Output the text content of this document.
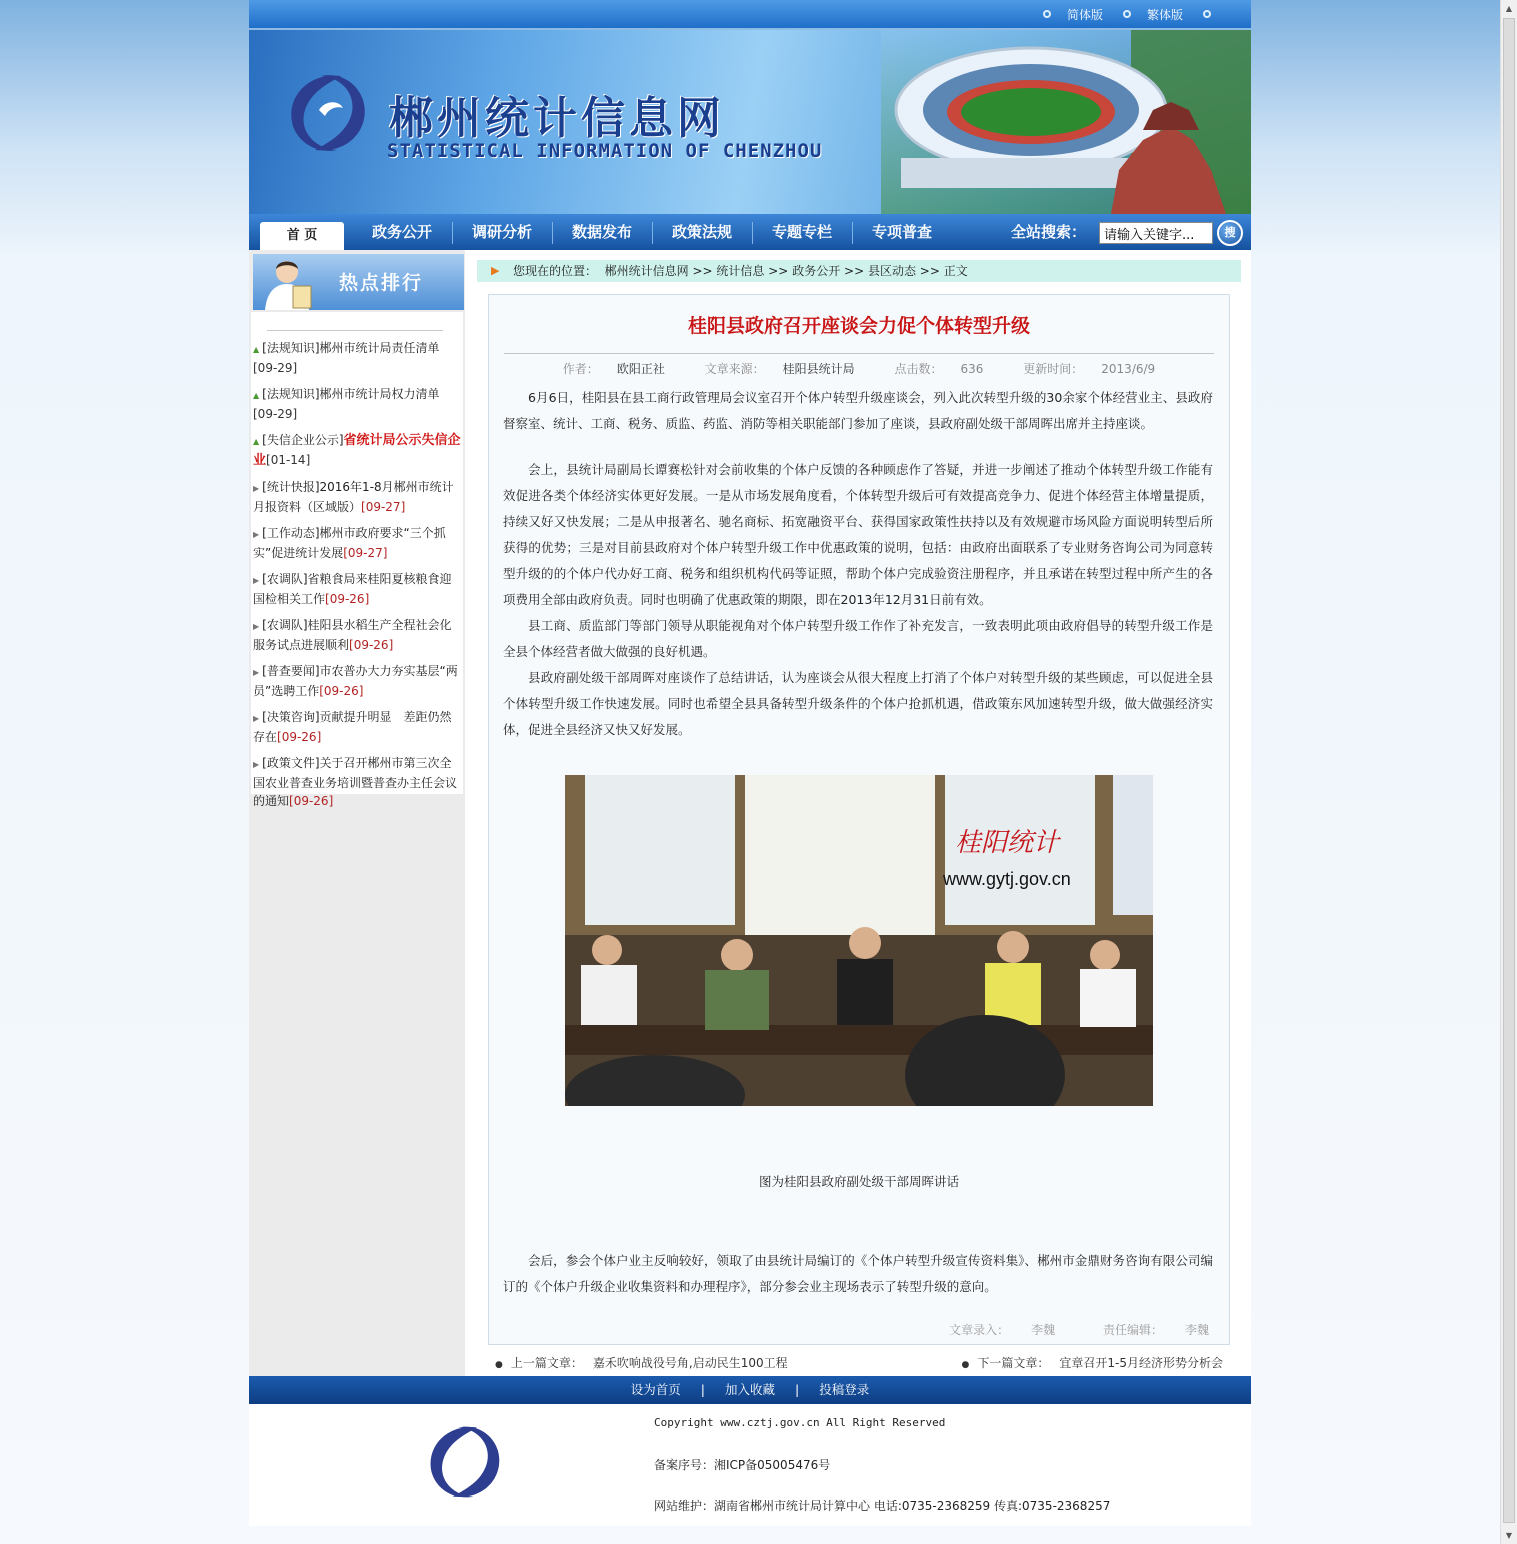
▲
▼
简体版	繁体版
郴州统计信息网
STATISTICAL INFORMATION OF CHENZHOU
首 页	政务公开	调研分析	数据发布	政策法规	专题专栏	专项普查	全站搜索：
请输入关键字...	搜
热点排行
▲ [法规知识]郴州市统计局责任清单
[09-29]
▲ [法规知识]郴州市统计局权力清单
[09-29]
▲ [失信企业公示]省统计局公示失信企业[01-14]
▶ [统计快报]2016年1-8月郴州市统计月报资料（区域版）[09-27]
▶ [工作动态]郴州市政府要求“三个抓实”促进统计发展[09-27]
▶ [农调队]省粮食局来桂阳夏核粮食迎国检相关工作[09-26]
▶ [农调队]桂阳县水稻生产全程社会化服务试点进展顺利[09-26]
▶ [普查要闻]市农普办大力夯实基层“两员”选聘工作[09-26]
▶ [决策咨询]贡献提升明显　差距仍然存在[09-26]
▶ [政策文件]关于召开郴州市第三次全国农业普查业务培训暨普查办主任会议的通知[09-26]
▶ 您现在的位置： 郴州统计信息网 >> 统计信息 >> 政务公开 >> 县区动态 >> 正文
桂阳县政府召开座谈会力促个体转型升级
作者： 欧阳正社	文章来源： 桂阳县统计局	点击数： 636	更新时间： 2013/6/9

6月6日，桂阳县在县工商行政管理局会议室召开个体户转型升级座谈会，列入此次转型升级的30余家个体经营业主、县政府督察室、统计、工商、税务、质监、药监、消防等相关职能部门参加了座谈，县政府副处级干部周晖出席并主持座谈。

会上，县统计局副局长谭赛松针对会前收集的个体户反馈的各种顾虑作了答疑，并进一步阐述了推动个体转型升级工作能有效促进各类个体经济实体更好发展。一是从市场发展角度看，个体转型升级后可有效提高竞争力、促进个体经营主体增量提质，持续又好又快发展；二是从申报著名、驰名商标、拓宽融资平台、获得国家政策性扶持以及有效规避市场风险方面说明转型后所获得的优势；三是对目前县政府对个体户转型升级工作中优惠政策的说明，包括：由政府出面联系了专业财务咨询公司为同意转型升级的的个体户代办好工商、税务和组织机构代码等证照，帮助个体户完成验资注册程序，并且承诺在转型过程中所产生的各项费用全部由政府负责。同时也明确了优惠政策的期限，即在2013年12月31日前有效。

县工商、质监部门等部门领导从职能视角对个体户转型升级工作作了补充发言，一致表明此项由政府倡导的转型升级工作是全县个体经营者做大做强的良好机遇。

县政府副处级干部周晖对座谈作了总结讲话，认为座谈会从很大程度上打消了个体户对转型升级的某些顾虑，可以促进全县个体转型升级工作快速发展。同时也希望全县具备转型升级条件的个体户抢抓机遇，借政策东风加速转型升级，做大做强经济实体，促进全县经济又快又好发展。

桂阳统计
www.gytj.gov.cn
图为桂阳县政府副处级干部周晖讲话

会后，参会个体户业主反响较好，领取了由县统计局编订的《个体户转型升级宣传资料集》、郴州市金鼎财务咨询有限公司编订的《个体户升级企业收集资料和办理程序》，部分参会业主现场表示了转型升级的意向。

文章录入： 李魏	责任编辑： 李魏
● 上一篇文章： 嘉禾吹响战役号角,启动民生100工程	● 下一篇文章： 宜章召开1-5月经济形势分析会
设为首页 | 加入收藏 | 投稿登录
Copyright www.cztj.gov.cn All Right Reserved
备案序号：湘ICP备05005476号
网站维护：湖南省郴州市统计局计算中心 电话:0735-2368259 传真:0735-2368257
